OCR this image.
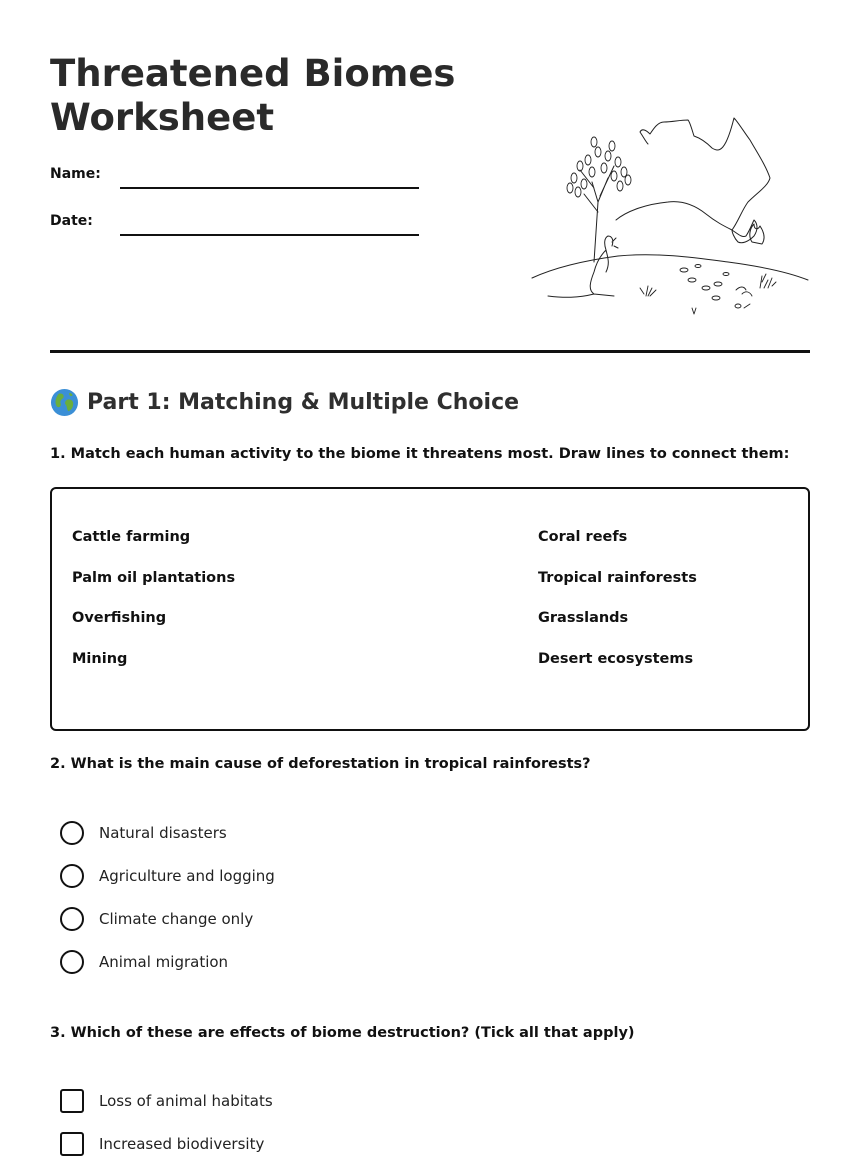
Threatened Biomes Worksheet
Name:
Date:
Part 1: Matching & Multiple Choice

1. Match each human activity to the biome it threatens most. Draw lines to connect them:

Cattle farming
Palm oil plantations
Overfishing
Mining
Coral reefs
Tropical rainforests
Grasslands
Desert ecosystems

2. What is the main cause of deforestation in tropical rainforests?

Natural disasters
Agriculture and logging
Climate change only
Animal migration

3. Which of these are effects of biome destruction? (Tick all that apply)

Loss of animal habitats
Increased biodiversity
